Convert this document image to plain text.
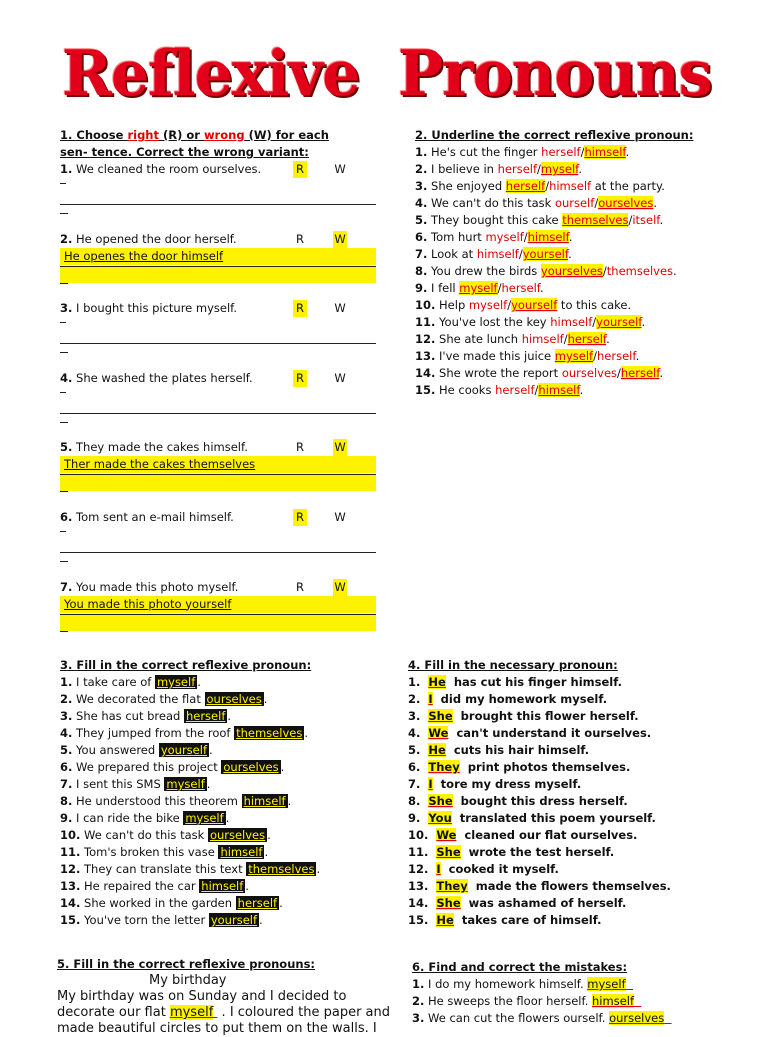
Reflexive Pronouns
1. Choose right (R) or wrong (W) for each
sen- tence. Correct the wrong variant:
1. We cleaned the room ourselves.	R	W
2. He opened the door herself.	R	W
He openes the door himself
3. I bought this picture myself.	R	W
4. She washed the plates herself.	R	W
5. They made the cakes himself.	R	W
Ther made the cakes themselves
6. Tom sent an e-mail himself.	R	W
7. You made this photo myself.	R	W
You made this photo yourself
2. Underline the correct reflexive pronoun:
1. He's cut the finger herself/himself.
2. I believe in herself/myself.
3. She enjoyed herself/himself at the party.
4. We can't do this task ourself/ourselves.
5. They bought this cake themselves/itself.
6. Tom hurt myself/himself.
7. Look at himself/yourself.
8. You drew the birds yourselves/themselves.
9. I fell myself/herself.
10. Help myself/yourself to this cake.
11. You've lost the key himself/yourself.
12. She ate lunch himself/herself.
13. I've made this juice myself/herself.
14. She wrote the report ourselves/herself.
15. He cooks herself/himself.
3. Fill in the correct reflexive pronoun:
1. I take care of myself .
2. We decorated the flat ourselves .
3. She has cut bread herself .
4. They jumped from the roof themselves .
5. You answered yourself .
6. We prepared this project ourselves .
7. I sent this SMS myself .
8. He understood this theorem himself .
9. I can ride the bike myself .
10. We can't do this task ourselves .
11. Tom's broken this vase himself .
12. They can translate this text themselves .
13. He repaired the car himself .
14. She worked in the garden herself .
15. You've torn the letter yourself .
4. Fill in the necessary pronoun:
1. He has cut his finger himself.
2. I did my homework myself.
3. She brought this flower herself.
4. We can't understand it ourselves.
5. He cuts his hair himself.
6. They print photos themselves.
7. I tore my dress myself.
8. She bought this dress herself.
9. You translated this poem yourself.
10. We cleaned our flat ourselves.
11. She wrote the test herself.
12. I cooked it myself.
13. They made the flowers themselves.
14. She was ashamed of herself.
15. He takes care of himself.
5. Fill in the correct reflexive pronouns:
My birthday
My birthday was on Sunday and I decided to
decorate our flat myself  . I coloured the paper and
made beautiful circles to put them on the walls. I
6. Find and correct the mistakes:
1. I do my homework himself. myself
2. He sweeps the floor herself. himself
3. We can cut the flowers ourself. ourselves
